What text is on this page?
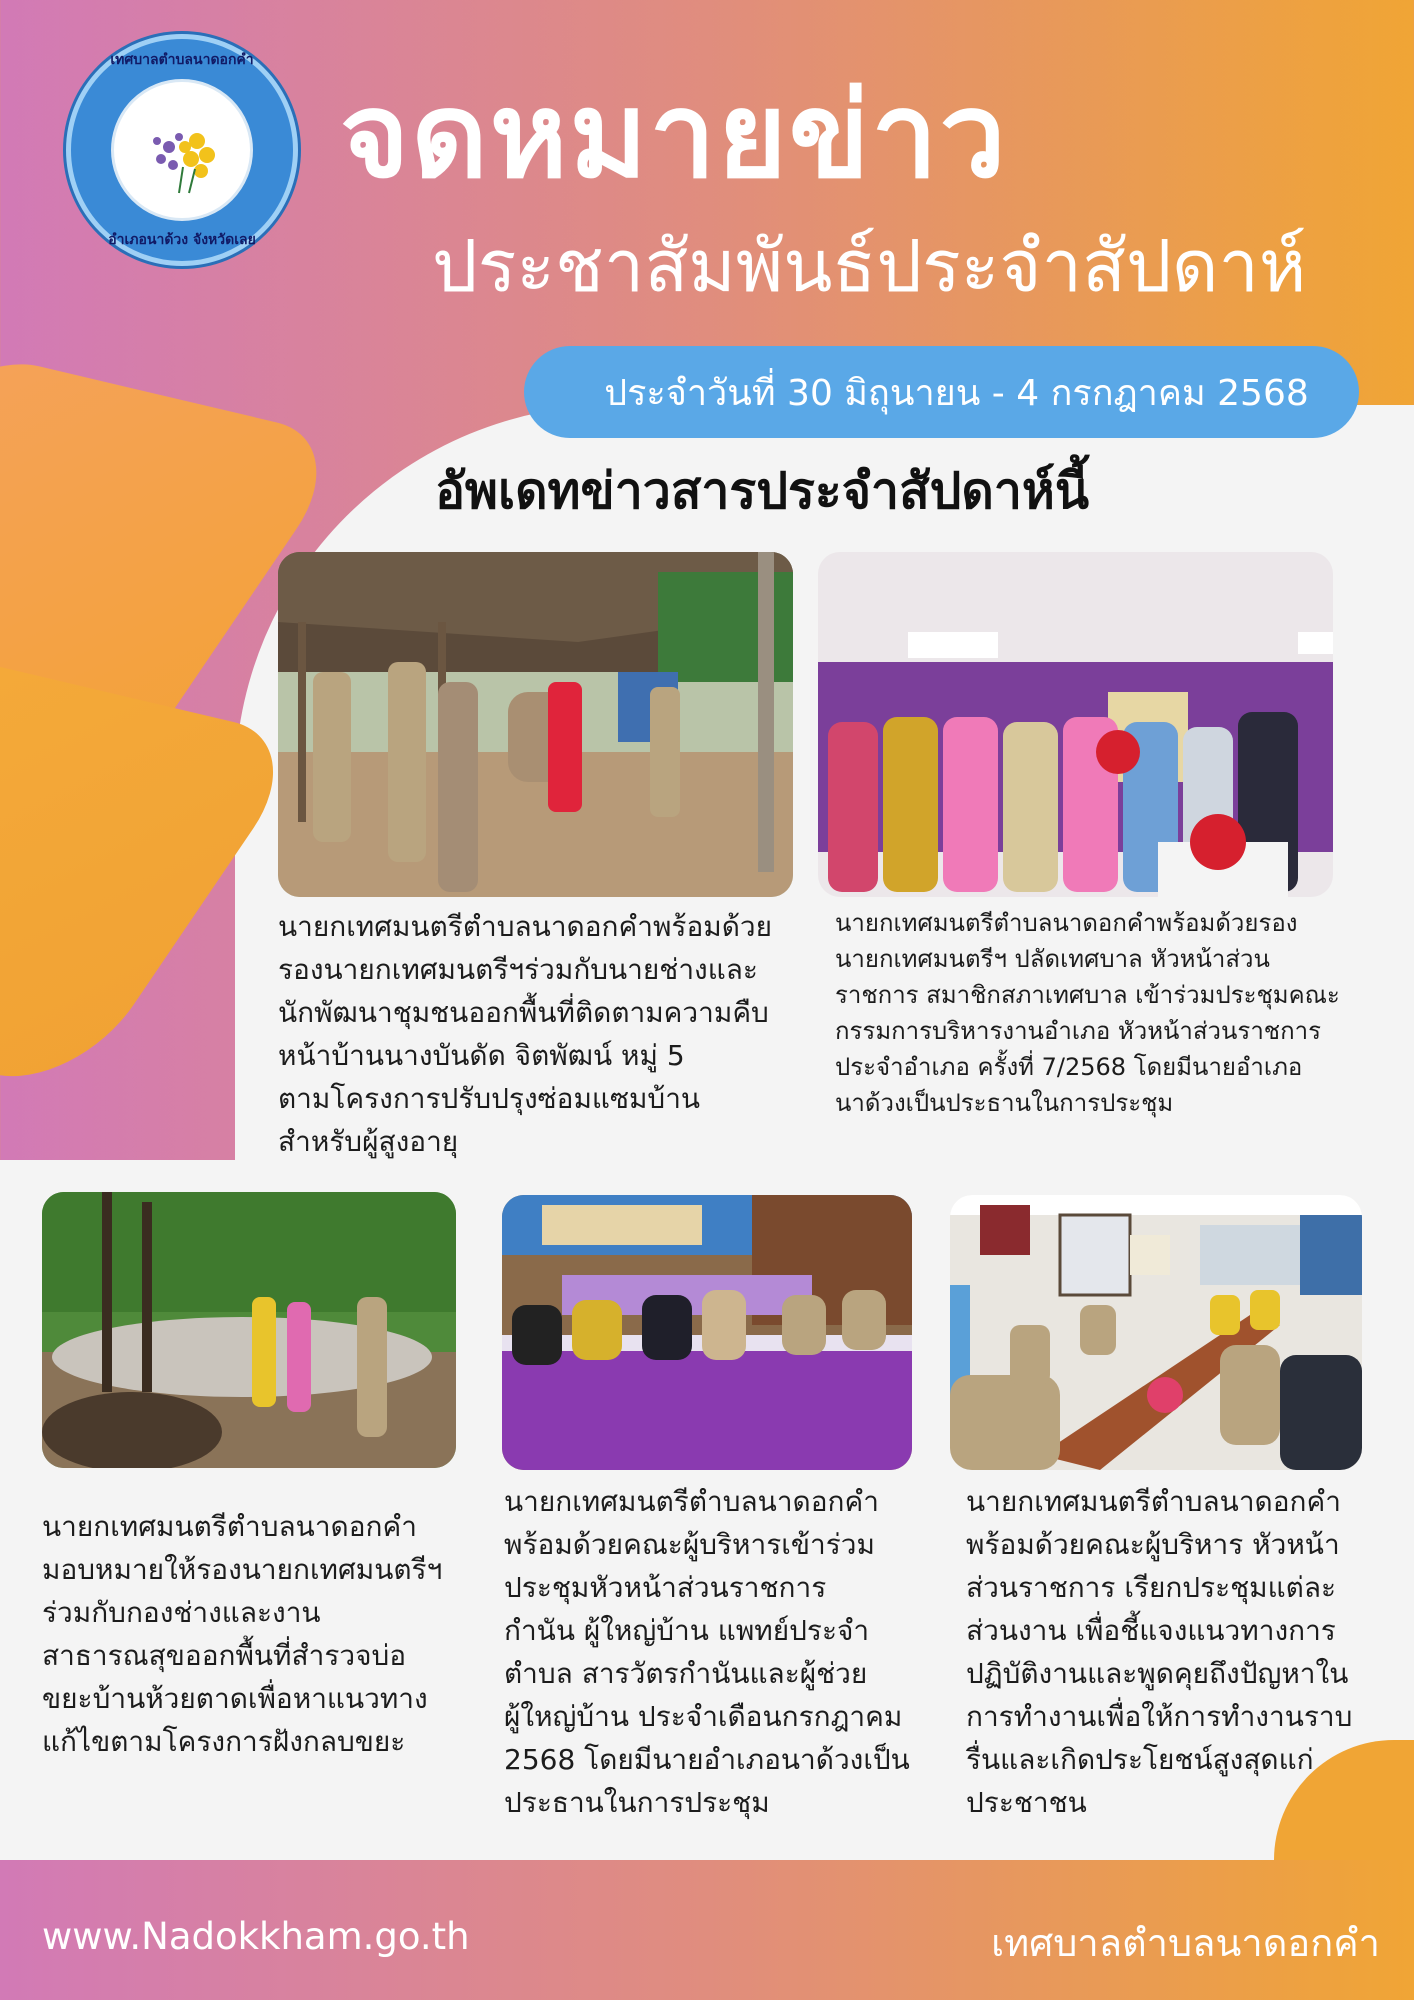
เทศบาลตำบลนาดอกคำ
อำเภอนาด้วง จังหวัดเลย
จดหมายข่าว
ประชาสัมพันธ์ประจำสัปดาห์
ประจำวันที่ 30 มิถุนายน - 4 กรกฎาคม 2568
อัพเดทข่าวสารประจำสัปดาห์นี้
นายกเทศมนตรีตำบลนาดอกคำพร้อมด้วย
รองนายกเทศมนตรีฯร่วมกับนายช่างและ
นักพัฒนาชุมชนออกพื้นที่ติดตามความคืบ
หน้าบ้านนางบันดัด จิตพัฒน์ หมู่ 5
ตามโครงการปรับปรุงซ่อมแซมบ้าน
สำหรับผู้สูงอายุ
นายกเทศมนตรีตำบลนาดอกคำพร้อมด้วยรอง
นายกเทศมนตรีฯ ปลัดเทศบาล หัวหน้าส่วน
ราชการ สมาชิกสภาเทศบาล เข้าร่วมประชุมคณะ
กรรมการบริหารงานอำเภอ หัวหน้าส่วนราชการ
ประจำอำเภอ ครั้งที่ 7/2568 โดยมีนายอำเภอ
นาด้วงเป็นประธานในการประชุม
นายกเทศมนตรีตำบลนาดอกคำ
มอบหมายให้รองนายกเทศมนตรีฯ
ร่วมกับกองช่างและงาน
สาธารณสุขออกพื้นที่สำรวจบ่อ
ขยะบ้านห้วยตาดเพื่อหาแนวทาง
แก้ไขตามโครงการฝังกลบขยะ
นายกเทศมนตรีตำบลนาดอกคำ
พร้อมด้วยคณะผู้บริหารเข้าร่วม
ประชุมหัวหน้าส่วนราชการ
กำนัน ผู้ใหญ่บ้าน แพทย์ประจำ
ตำบล สารวัตรกำนันและผู้ช่วย
ผู้ใหญ่บ้าน ประจำเดือนกรกฎาคม
2568 โดยมีนายอำเภอนาด้วงเป็น
ประธานในการประชุม
นายกเทศมนตรีตำบลนาดอกคำ
พร้อมด้วยคณะผู้บริหาร หัวหน้า
ส่วนราชการ เรียกประชุมแต่ละ
ส่วนงาน เพื่อชี้แจงแนวทางการ
ปฏิบัติงานและพูดคุยถึงปัญหาใน
การทำงานเพื่อให้การทำงานราบ
รื่นและเกิดประโยชน์สูงสุดแก่
ประชาชน
www.Nadokkham.go.th	เทศบาลตำบลนาดอกคำ
